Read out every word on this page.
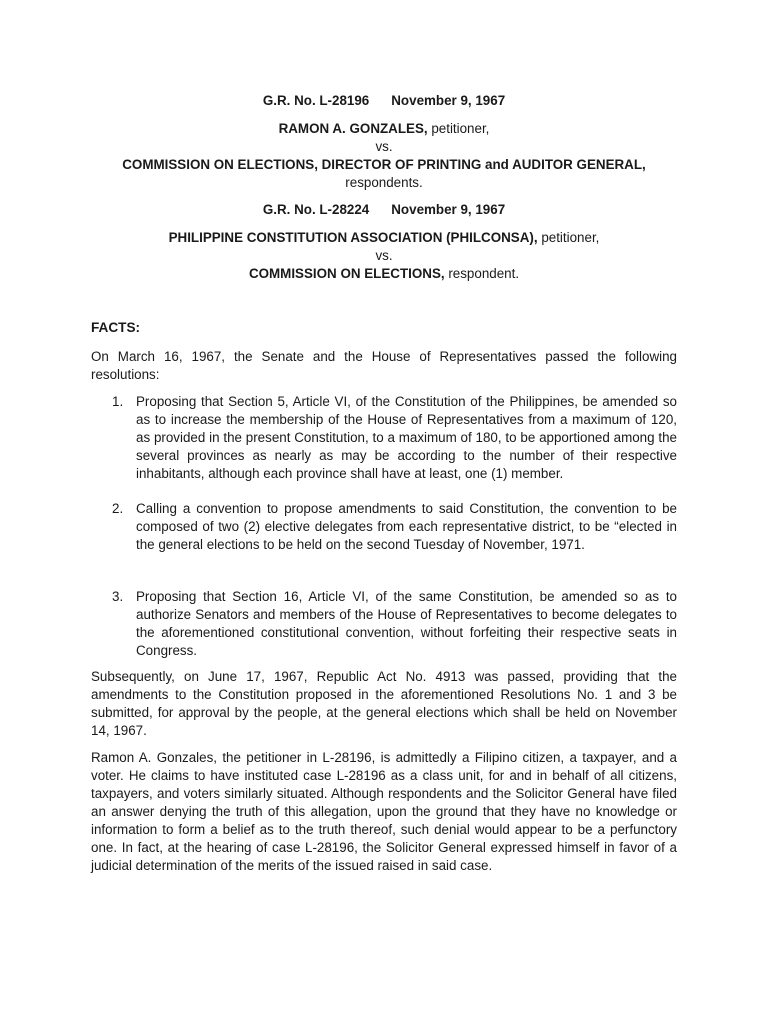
G.R. No. L-28196 November 9, 1967
RAMON A. GONZALES, petitioner,
vs.
COMMISSION ON ELECTIONS, DIRECTOR OF PRINTING and AUDITOR GENERAL, respondents.
G.R. No. L-28224 November 9, 1967
PHILIPPINE CONSTITUTION ASSOCIATION (PHILCONSA), petitioner,
vs.
COMMISSION ON ELECTIONS, respondent.
FACTS:
On March 16, 1967, the Senate and the House of Representatives passed the following resolutions:
1. Proposing that Section 5, Article VI, of the Constitution of the Philippines, be amended so as to increase the membership of the House of Representatives from a maximum of 120, as provided in the present Constitution, to a maximum of 180, to be apportioned among the several provinces as nearly as may be according to the number of their respective inhabitants, although each province shall have at least, one (1) member.
2. Calling a convention to propose amendments to said Constitution, the convention to be composed of two (2) elective delegates from each representative district, to be “elected in the general elections to be held on the second Tuesday of November, 1971.
3. Proposing that Section 16, Article VI, of the same Constitution, be amended so as to authorize Senators and members of the House of Representatives to become delegates to the aforementioned constitutional convention, without forfeiting their respective seats in Congress.
Subsequently, on June 17, 1967, Republic Act No. 4913 was passed, providing that the amendments to the Constitution proposed in the aforementioned Resolutions No. 1 and 3 be submitted, for approval by the people, at the general elections which shall be held on November 14, 1967.
Ramon A. Gonzales, the petitioner in L-28196, is admittedly a Filipino citizen, a taxpayer, and a voter. He claims to have instituted case L-28196 as a class unit, for and in behalf of all citizens, taxpayers, and voters similarly situated. Although respondents and the Solicitor General have filed an answer denying the truth of this allegation, upon the ground that they have no knowledge or information to form a belief as to the truth thereof, such denial would appear to be a perfunctory one. In fact, at the hearing of case L-28196, the Solicitor General expressed himself in favor of a judicial determination of the merits of the issued raised in said case.
